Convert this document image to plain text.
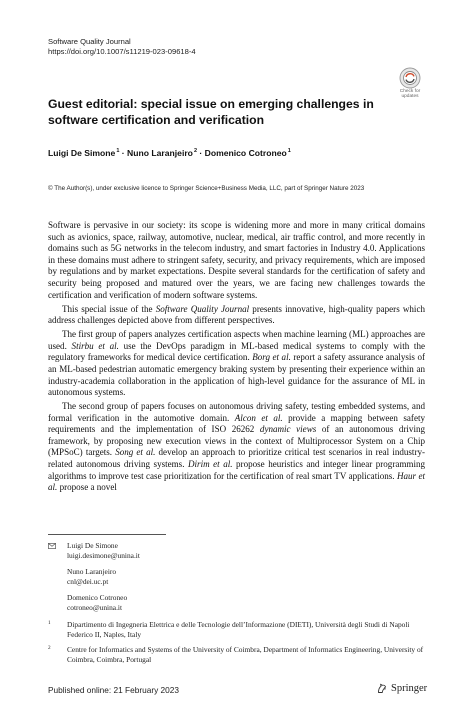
Software Quality Journal
https://doi.org/10.1007/s11219-023-09618-4
Check for
updates
Guest editorial: special issue on emerging challenges in software certification and verification
Luigi De Simone$^1$ · Nuno Laranjeiro$^2$ · Domenico Cotroneo$^1$
© The Author(s), under exclusive licence to Springer Science+Business Media, LLC, part of Springer Nature 2023

Software is pervasive in our society: its scope is widening more and more in many critical domains such as avionics, space, railway, automotive, nuclear, medical, air traffic control, and more recently in domains such as 5G networks in the telecom industry, and smart factories in Industry 4.0. Applications in these domains must adhere to stringent safety, security, and privacy requirements, which are imposed by regulations and by market expectations. Despite several standards for the certification of safety and security being proposed and matured over the years, we are facing new challenges towards the certification and verification of modern software systems.

This special issue of the Software Quality Journal presents innovative, high-quality papers which address challenges depicted above from different perspectives.

The first group of papers analyzes certification aspects when machine learning (ML) approaches are used. Stirbu et al. use the DevOps paradigm in ML-based medical systems to comply with the regulatory frameworks for medical device certification. Borg et al. report a safety assurance analysis of an ML-based pedestrian automatic emergency braking system by presenting their experience within an industry-academia collaboration in the application of high-level guidance for the assurance of ML in autonomous systems.

The second group of papers focuses on autonomous driving safety, testing embedded systems, and formal verification in the automotive domain. Alcon et al. provide a mapping between safety requirements and the implementation of ISO 26262 dynamic views of an autonomous driving framework, by proposing new execution views in the context of Multiprocessor System on a Chip (MPSoC) targets. Song et al. develop an approach to prioritize critical test scenarios in real industry-related autonomous driving systems. Dirim et al. propose heuristics and integer linear programming algorithms to improve test case prioritization for the certification of real smart TV applications. Haur et al. propose a novel

Luigi De Simone
luigi.desimone@unina.it
Nuno Laranjeiro
cnl@dei.uc.pt
Domenico Cotroneo
cotroneo@unina.it
1 Dipartimento di Ingegneria Elettrica e delle Tecnologie dell’Informazione (DIETI), Università degli Studi di Napoli Federico II, Naples, Italy
2 Centre for Informatics and Systems of the University of Coimbra, Department of Informatics Engineering, University of Coimbra, Coimbra, Portugal
Published online: 21 February 2023	Springer
